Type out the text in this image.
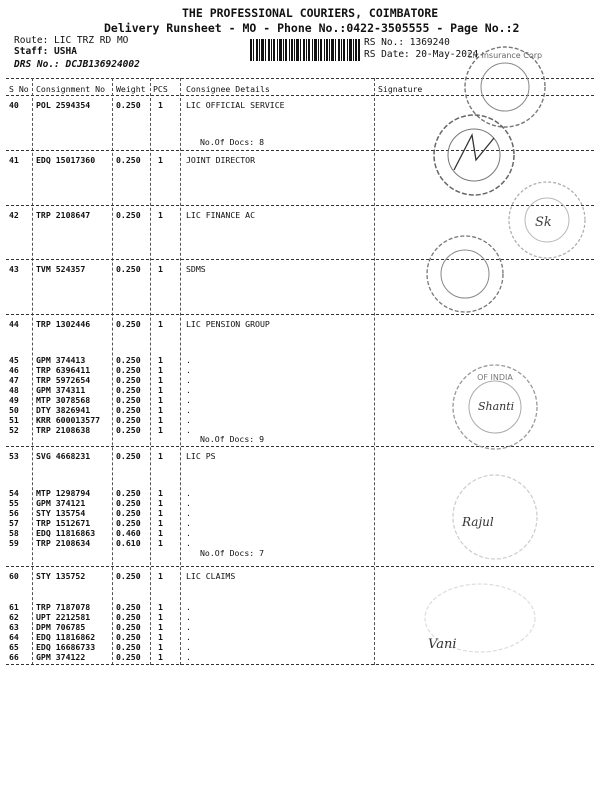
THE PROFESSIONAL COURIERS, COIMBATORE
Delivery Runsheet - MO - Phone No.:0422-3505555 - Page No.:2
Route: LIC TRZ RD MO
Staff: USHA
DRS No.: DCJB136924002
RS No.: 1369240
RS Date: 20-May-2024
S No Consignment No Weight PCS Consignee Details	Signature
40 POL 2594354	0.250 1	LIC OFFICIAL SERVICE
41 EDQ 15017360	0.250 1	JOINT DIRECTOR
42 TRP 2108647	0.250 1	LIC FINANCE AC
43 TVM 524357	0.250 1	SDMS
44 TRP 1302446	0.250 1	LIC PENSION GROUP
45 GPM 374413	0.250 1	.
46 TRP 6396411	0.250 1	.
47 TRP 5972654	0.250 1	.
48 GPM 374311	0.250 1	.
49 MTP 3078568	0.250 1	.
50 DTY 3826941	0.250 1	.
51 KRR 600013577 0.250 1	.
52 TRP 2108638	0.250 1	.
53 SVG 4668231	0.250 1	LIC PS
54 MTP 1298794	0.250 1	.
55 GPM 374121	0.250 1	.
56 STY 135754	0.250 1	.
57 TRP 1512671	0.250 1	.
58 EDQ 11816863	0.460 1	.
59 TRP 2108634	0.610 1	.
60 STY 135752	0.250 1	LIC CLAIMS
61 TRP 7187078	0.250 1	.
62 UPT 2212581	0.250 1	.
63 DPM 706785	0.250 1	.
64 EDQ 11816862	0.250 1	.
65 EDQ 16686733	0.250 1	.
66 GPM 374122	0.250 1	.
No.Of Docs: 8
No.Of Docs: 9
No.Of Docs: 7
Lic Insurance Corp
Sk
OF INDIA
Shanti
Rajul
Vani
